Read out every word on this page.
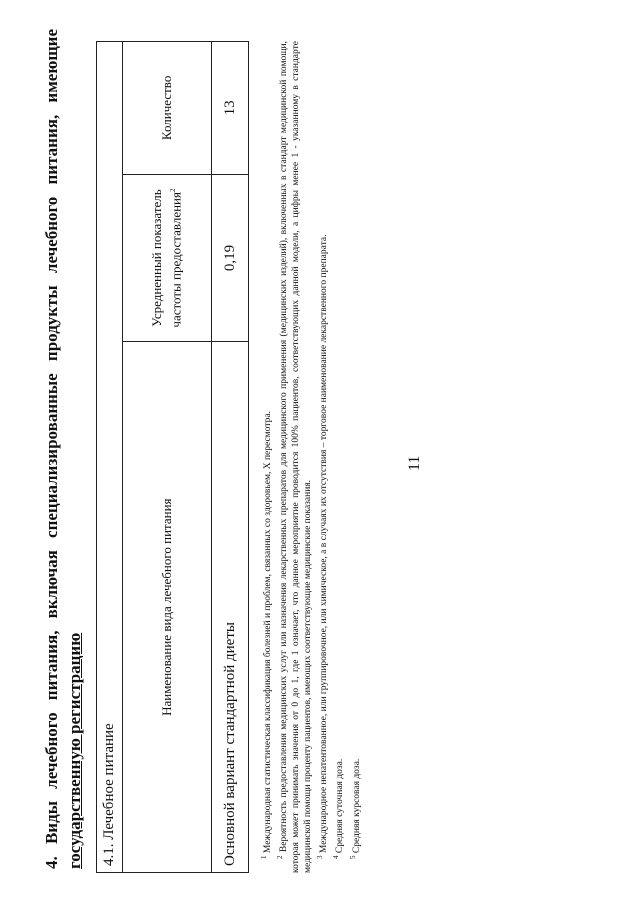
11
4. Виды лечебного питания, включая специализированные продукты лечебного питания, имеющие государственную регистрацию 4.1. Лечебное питание		
Наименование вида лечебного питания	Усредненный показатель частоты предоставления$^2$	Количество
Основной вариант стандартной диеты	0,19	13

$^1$ Международная статистическая классификация болезней и проблем, связанных со здоровьем, X пересмотра.

$^2$ Вероятность предоставления медицинских услуг или назначения лекарственных препаратов для медицинского применения (медицинских изделий), включенных в стандарт медицинской помощи, которая может принимать значения от 0 до 1, где 1 означает, что данное мероприятие проводится 100% пациентов, соответствующих данной модели, а цифры менее 1 - указанному в стандарте медицинской помощи проценту пациентов, имеющих соответствующие медицинские показания. $^3$ Международное непатентованное, или группировочное, или химическое, а в случаях их отсутствия – торговое наименование лекарственного препарата.

$^4$ Средняя суточная доза.

$^5$ Средняя курсовая доза.
